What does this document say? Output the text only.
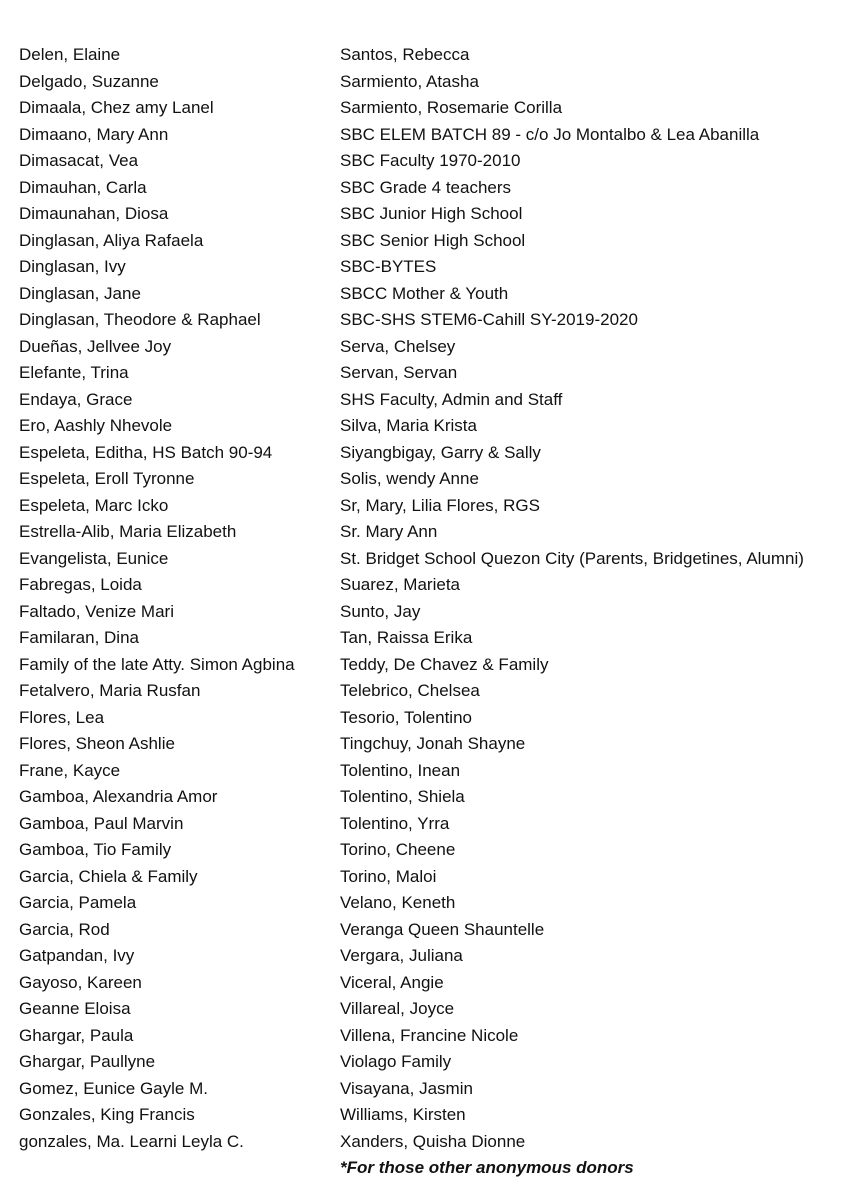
Delen, Elaine
Delgado, Suzanne
Dimaala, Chez amy Lanel
Dimaano, Mary Ann
Dimasacat, Vea
Dimauhan, Carla
Dimaunahan, Diosa
Dinglasan, Aliya Rafaela
Dinglasan, Ivy
Dinglasan, Jane
Dinglasan, Theodore & Raphael
Dueñas, Jellvee Joy
Elefante, Trina
Endaya, Grace
Ero, Aashly Nhevole
Espeleta, Editha, HS Batch 90-94
Espeleta, Eroll Tyronne
Espeleta, Marc Icko
Estrella-Alib, Maria Elizabeth
Evangelista, Eunice
Fabregas, Loida
Faltado, Venize Mari
Familaran, Dina
Family of the late Atty. Simon Agbina
Fetalvero, Maria Rusfan
Flores, Lea
Flores, Sheon Ashlie
Frane, Kayce
Gamboa, Alexandria Amor
Gamboa, Paul Marvin
Gamboa, Tio Family
Garcia, Chiela & Family
Garcia, Pamela
Garcia, Rod
Gatpandan, Ivy
Gayoso, Kareen
Geanne Eloisa
Ghargar, Paula
Ghargar, Paullyne
Gomez, Eunice Gayle M.
Gonzales, King Francis
gonzales, Ma. Learni Leyla C.
Santos, Rebecca
Sarmiento, Atasha
Sarmiento, Rosemarie Corilla
SBC ELEM BATCH 89 - c/o Jo Montalbo & Lea Abanilla
SBC Faculty 1970-2010
SBC Grade 4 teachers
SBC Junior High School
SBC Senior High School
SBC-BYTES
SBCC Mother & Youth
SBC-SHS STEM6-Cahill SY-2019-2020
Serva, Chelsey
Servan, Servan
SHS Faculty, Admin and Staff
Silva, Maria Krista
Siyangbigay, Garry & Sally
Solis, wendy Anne
Sr, Mary, Lilia Flores, RGS
Sr. Mary Ann
St. Bridget School Quezon City (Parents, Bridgetines, Alumni)
Suarez, Marieta
Sunto, Jay
Tan, Raissa Erika
Teddy, De Chavez & Family
Telebrico, Chelsea
Tesorio, Tolentino
Tingchuy, Jonah Shayne
Tolentino, Inean
Tolentino, Shiela
Tolentino, Yrra
Torino, Cheene
Torino, Maloi
Velano, Keneth
Veranga Queen Shauntelle
Vergara, Juliana
Viceral, Angie
Villareal, Joyce
Villena, Francine Nicole
Violago Family
Visayana, Jasmin
Williams, Kirsten
Xanders, Quisha Dionne
*For those other anonymous donors
